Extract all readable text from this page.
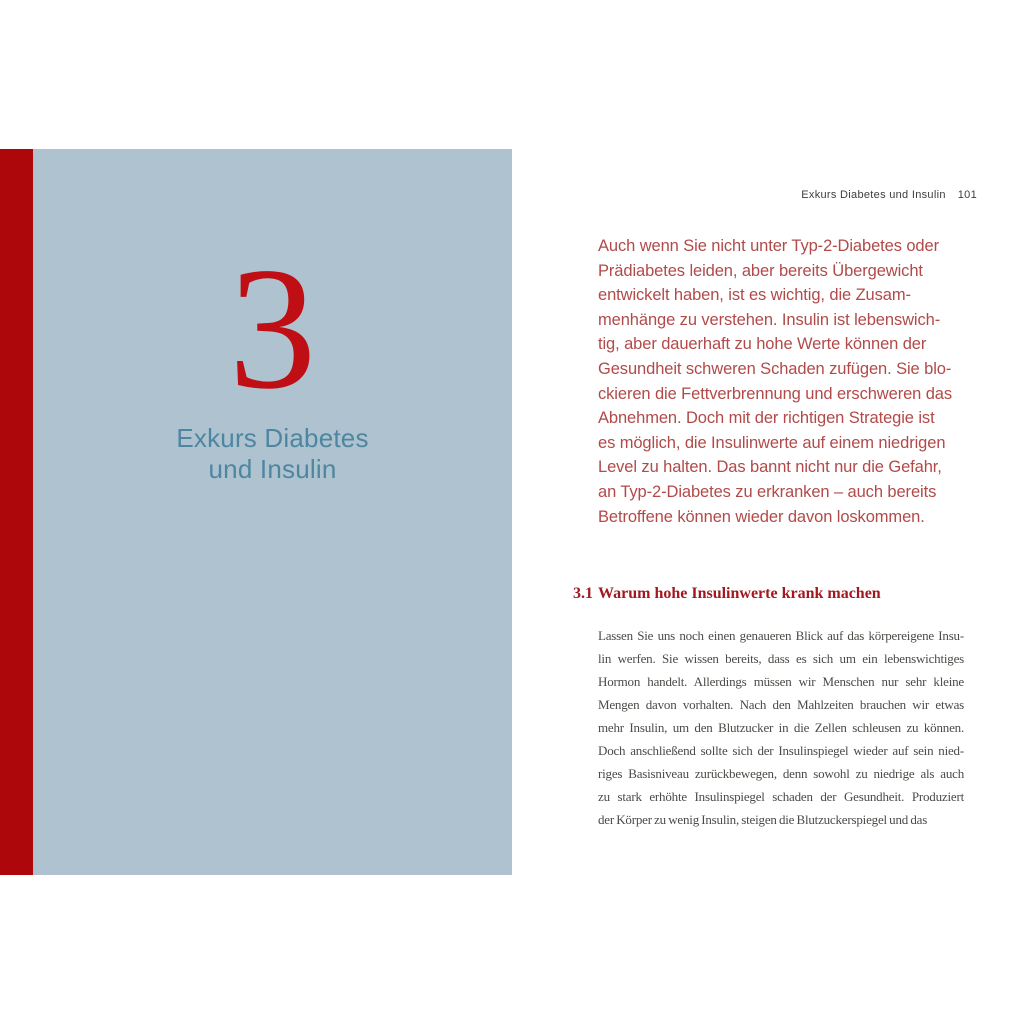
3
Exkurs Diabetes
und Insulin
Exkurs Diabetes und Insulin 101
Auch wenn Sie nicht unter Typ-2-Diabetes oder
Prädiabetes leiden, aber bereits Übergewicht
entwickelt haben, ist es wichtig, die Zusam-
menhänge zu verstehen. Insulin ist lebenswich-
tig, aber dauerhaft zu hohe Werte können der
Gesundheit schweren Schaden zufügen. Sie blo-
ckieren die Fettverbrennung und erschweren das
Abnehmen. Doch mit der richtigen Strategie ist
es möglich, die Insulinwerte auf einem niedrigen
Level zu halten. Das bannt nicht nur die Gefahr,
an Typ-2-Diabetes zu erkranken – auch bereits
Betroffene können wieder davon loskommen.
3.1 Warum hohe Insulinwerte krank machen
Lassen Sie uns noch einen genaueren Blick auf das körpereigene Insu-
lin werfen. Sie wissen bereits, dass es sich um ein lebenswichtiges
Hormon handelt. Allerdings müssen wir Menschen nur sehr kleine
Mengen davon vorhalten. Nach den Mahlzeiten brauchen wir etwas
mehr Insulin, um den Blutzucker in die Zellen schleusen zu können.
Doch anschließend sollte sich der Insulinspiegel wieder auf sein nied-
riges Basisniveau zurückbewegen, denn sowohl zu niedrige als auch
zu stark erhöhte Insulinspiegel schaden der Gesundheit. Produziert
der Körper zu wenig Insulin, steigen die Blutzuckerspiegel und das
